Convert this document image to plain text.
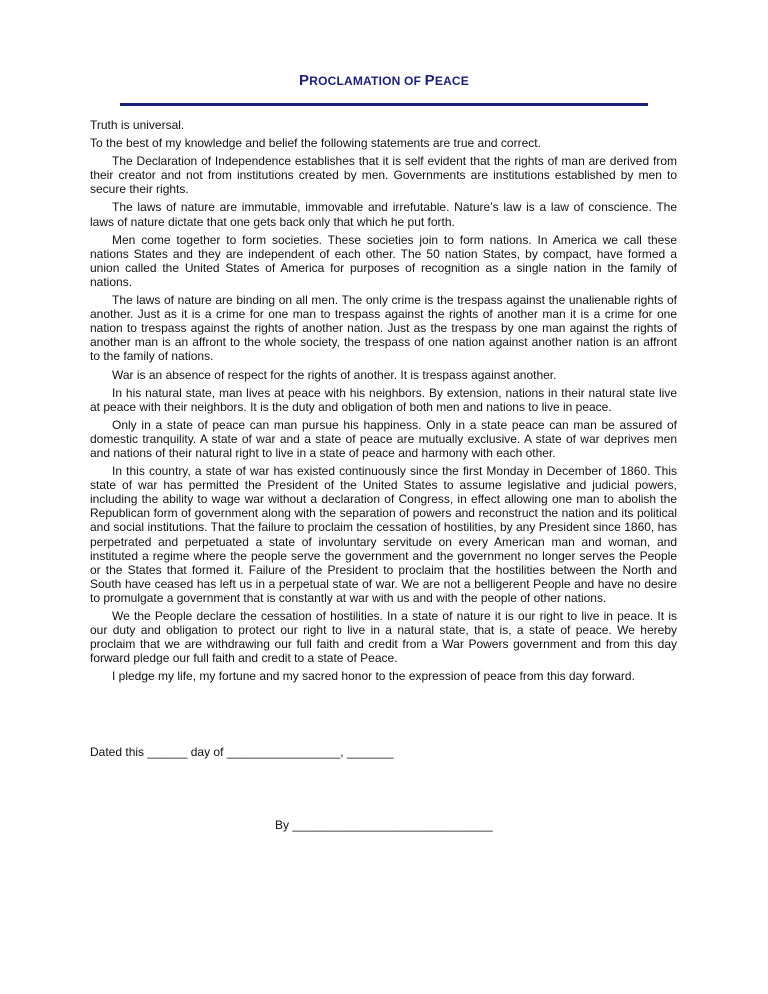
PROCLAMATION OF PEACE

Truth is universal.

To the best of my knowledge and belief the following statements are true and correct.

The Declaration of Independence establishes that it is self evident that the rights of man are derived from their creator and not from institutions created by men. Governments are institutions established by men to secure their rights.

The laws of nature are immutable, immovable and irrefutable. Nature’s law is a law of conscience. The laws of nature dictate that one gets back only that which he put forth.

Men come together to form societies. These societies join to form nations. In America we call these nations States and they are independent of each other. The 50 nation States, by compact, have formed a union called the United States of America for purposes of recognition as a single nation in the family of nations.

The laws of nature are binding on all men. The only crime is the trespass against the unalienable rights of another. Just as it is a crime for one man to trespass against the rights of another man it is a crime for one nation to trespass against the rights of another nation. Just as the trespass by one man against the rights of another man is an affront to the whole society, the trespass of one nation against another nation is an affront to the family of nations.

War is an absence of respect for the rights of another. It is trespass against another.

In his natural state, man lives at peace with his neighbors. By extension, nations in their natural state live at peace with their neighbors. It is the duty and obligation of both men and nations to live in peace.

Only in a state of peace can man pursue his happiness. Only in a state peace can man be assured of domestic tranquility. A state of war and a state of peace are mutually exclusive. A state of war deprives men and nations of their natural right to live in a state of peace and harmony with each other.

In this country, a state of war has existed continuously since the first Monday in December of 1860. This state of war has permitted the President of the United States to assume legislative and judicial powers, including the ability to wage war without a declaration of Congress, in effect allowing one man to abolish the Republican form of government along with the separation of powers and reconstruct the nation and its political and social institutions. That the failure to proclaim the cessation of hostilities, by any President since 1860, has perpetrated and perpetuated a state of involuntary servitude on every American man and woman, and instituted a regime where the people serve the government and the government no longer serves the People or the States that formed it. Failure of the President to proclaim that the hostilities between the North and South have ceased has left us in a perpetual state of war. We are not a belligerent People and have no desire to promulgate a government that is constantly at war with us and with the people of other nations.

We the People declare the cessation of hostilities. In a state of nature it is our right to live in peace. It is our duty and obligation to protect our right to live in a natural state, that is, a state of peace. We hereby proclaim that we are withdrawing our full faith and credit from a War Powers government and from this day forward pledge our full faith and credit to a state of Peace.

I pledge my life, my fortune and my sacred honor to the expression of peace from this day forward.

Dated this ______ day of _________________, _______
By ______________________________
